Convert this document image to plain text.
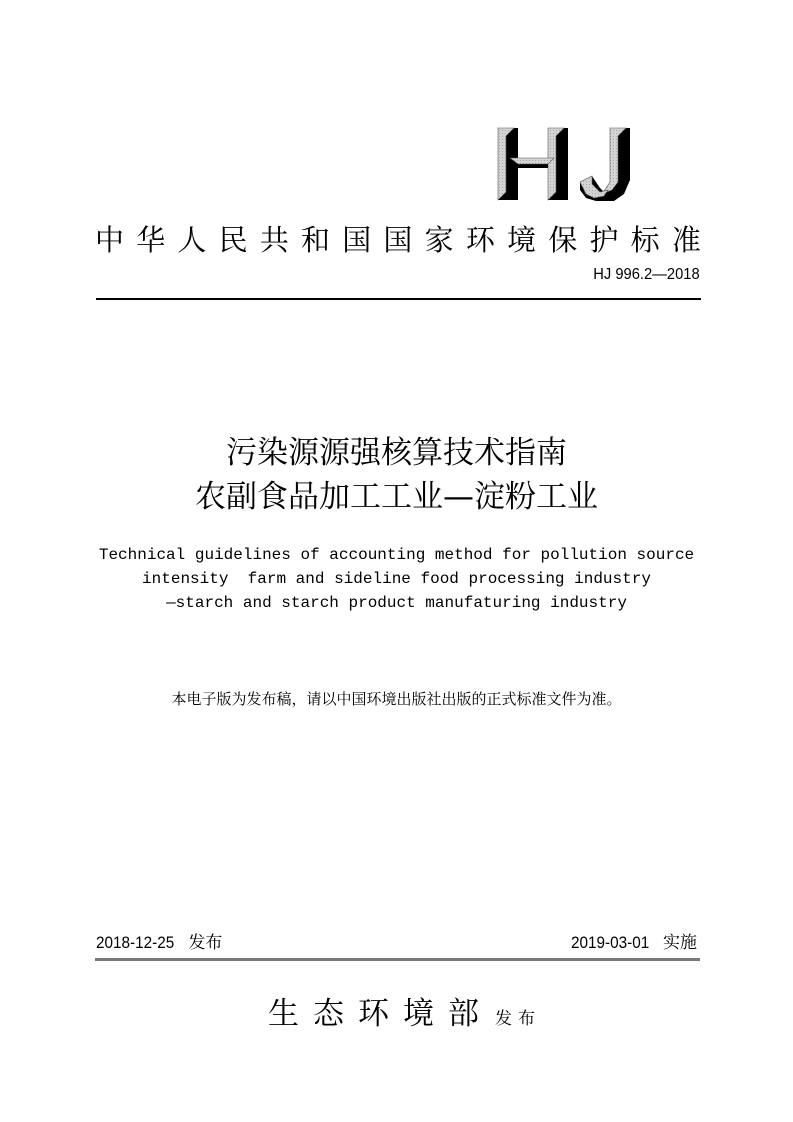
中 华 人 民 共 和 国 国 家 环 境 保 护 标 准
HJ 996.2—2018
污染源源强核算技术指南
农副食品加工工业—淀粉工业
Technical guidelines of accounting method for pollution source
intensity  farm and sideline food processing industry
—starch and starch product manufaturing industry
本电子版为发布稿，请以中国环境出版社出版的正式标准文件为准。
2018-12-25 发布	2019-03-01 实施
生 态 环 境 部 发布
